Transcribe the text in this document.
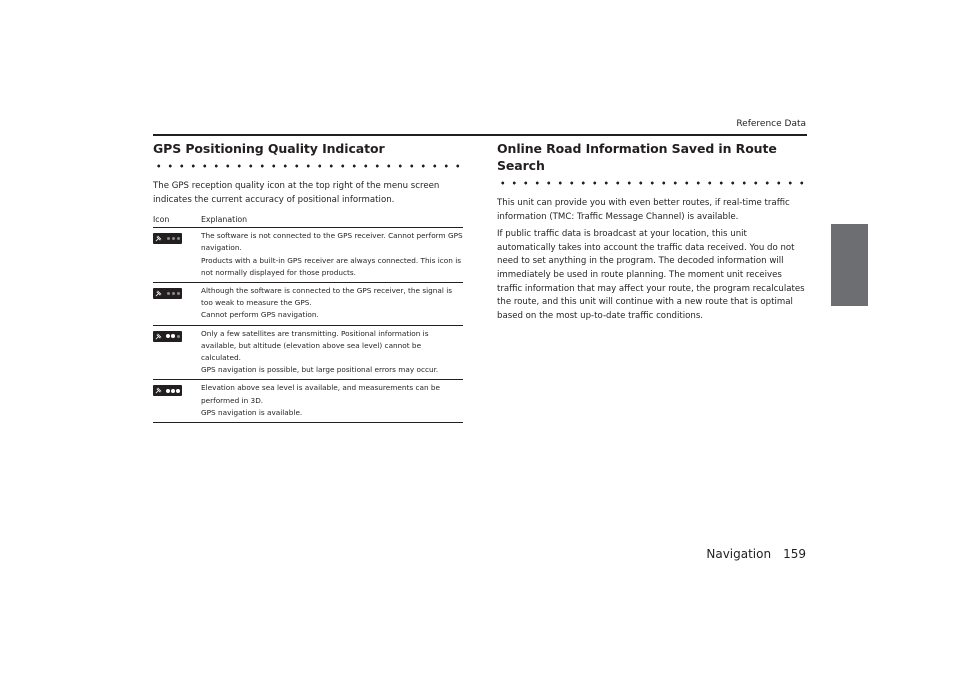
Reference Data
GPS Positioning Quality Indicator

The GPS reception quality icon at the top right of the menu screen indicates the current accuracy of positional information.

Icon	Explanation

The software is not connected to the GPS receiver. Cannot perform GPS navigation.

Products with a built-in GPS receiver are always connected. This icon is not normally displayed for those products.

Although the software is connected to the GPS receiver, the signal is too weak to measure the GPS.

Cannot perform GPS navigation.

Only a few satellites are transmitting. Positional information is available, but altitude (elevation above sea level) cannot be calculated.

GPS navigation is possible, but large positional errors may occur.

Elevation above sea level is available, and measurements can be performed in 3D.

GPS navigation is available.

Online Road Information Saved in Route Search

This unit can provide you with even better routes, if real-time traffic information (TMC: Traffic Message Channel) is available.

If public traffic data is broadcast at your location, this unit automatically takes into account the traffic data received. You do not need to set anything in the program. The decoded information will immediately be used in route planning. The moment unit receives traffic information that may affect your route, the program recalculates the route, and this unit will continue with a new route that is optimal based on the most up-to-date traffic conditions.

Navigation 159
